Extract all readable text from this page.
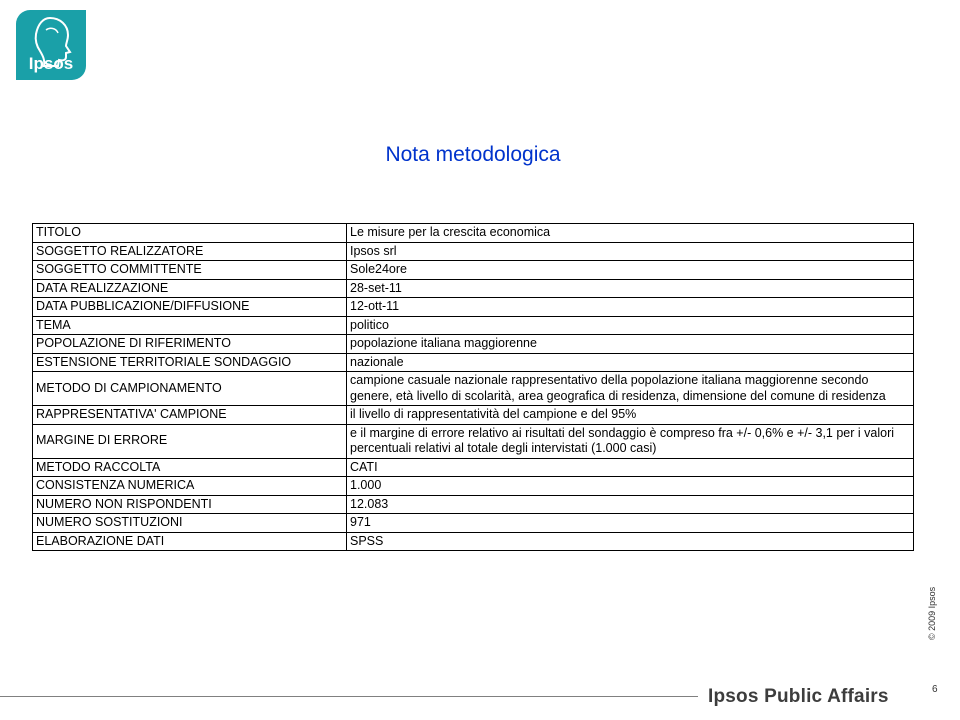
Ipsos
Nota metodologica
TITOLO	Le misure per la crescita economica
SOGGETTO REALIZZATORE	Ipsos srl
SOGGETTO COMMITTENTE	Sole24ore
DATA REALIZZAZIONE	28-set-11
DATA PUBBLICAZIONE/DIFFUSIONE	12-ott-11
TEMA	politico
POPOLAZIONE DI RIFERIMENTO	popolazione italiana maggiorenne
ESTENSIONE TERRITORIALE SONDAGGIO	nazionale
METODO DI CAMPIONAMENTO	campione casuale nazionale rappresentativo della popolazione italiana maggiorenne secondo genere, età livello di scolarità, area geografica di residenza, dimensione del comune di residenza
RAPPRESENTATIVA' CAMPIONE	il livello di rappresentatività del campione e del 95%
MARGINE DI ERRORE	e il margine di errore relativo ai risultati del sondaggio è compreso fra +/- 0,6% e +/- 3,1 per i valori percentuali relativi al totale degli intervistati (1.000 casi)
METODO RACCOLTA	CATI
CONSISTENZA NUMERICA	1.000
NUMERO NON RISPONDENTI	12.083
NUMERO SOSTITUZIONI	971
ELABORAZIONE DATI	SPSS
© 2009 Ipsos
Ipsos Public Affairs	6
